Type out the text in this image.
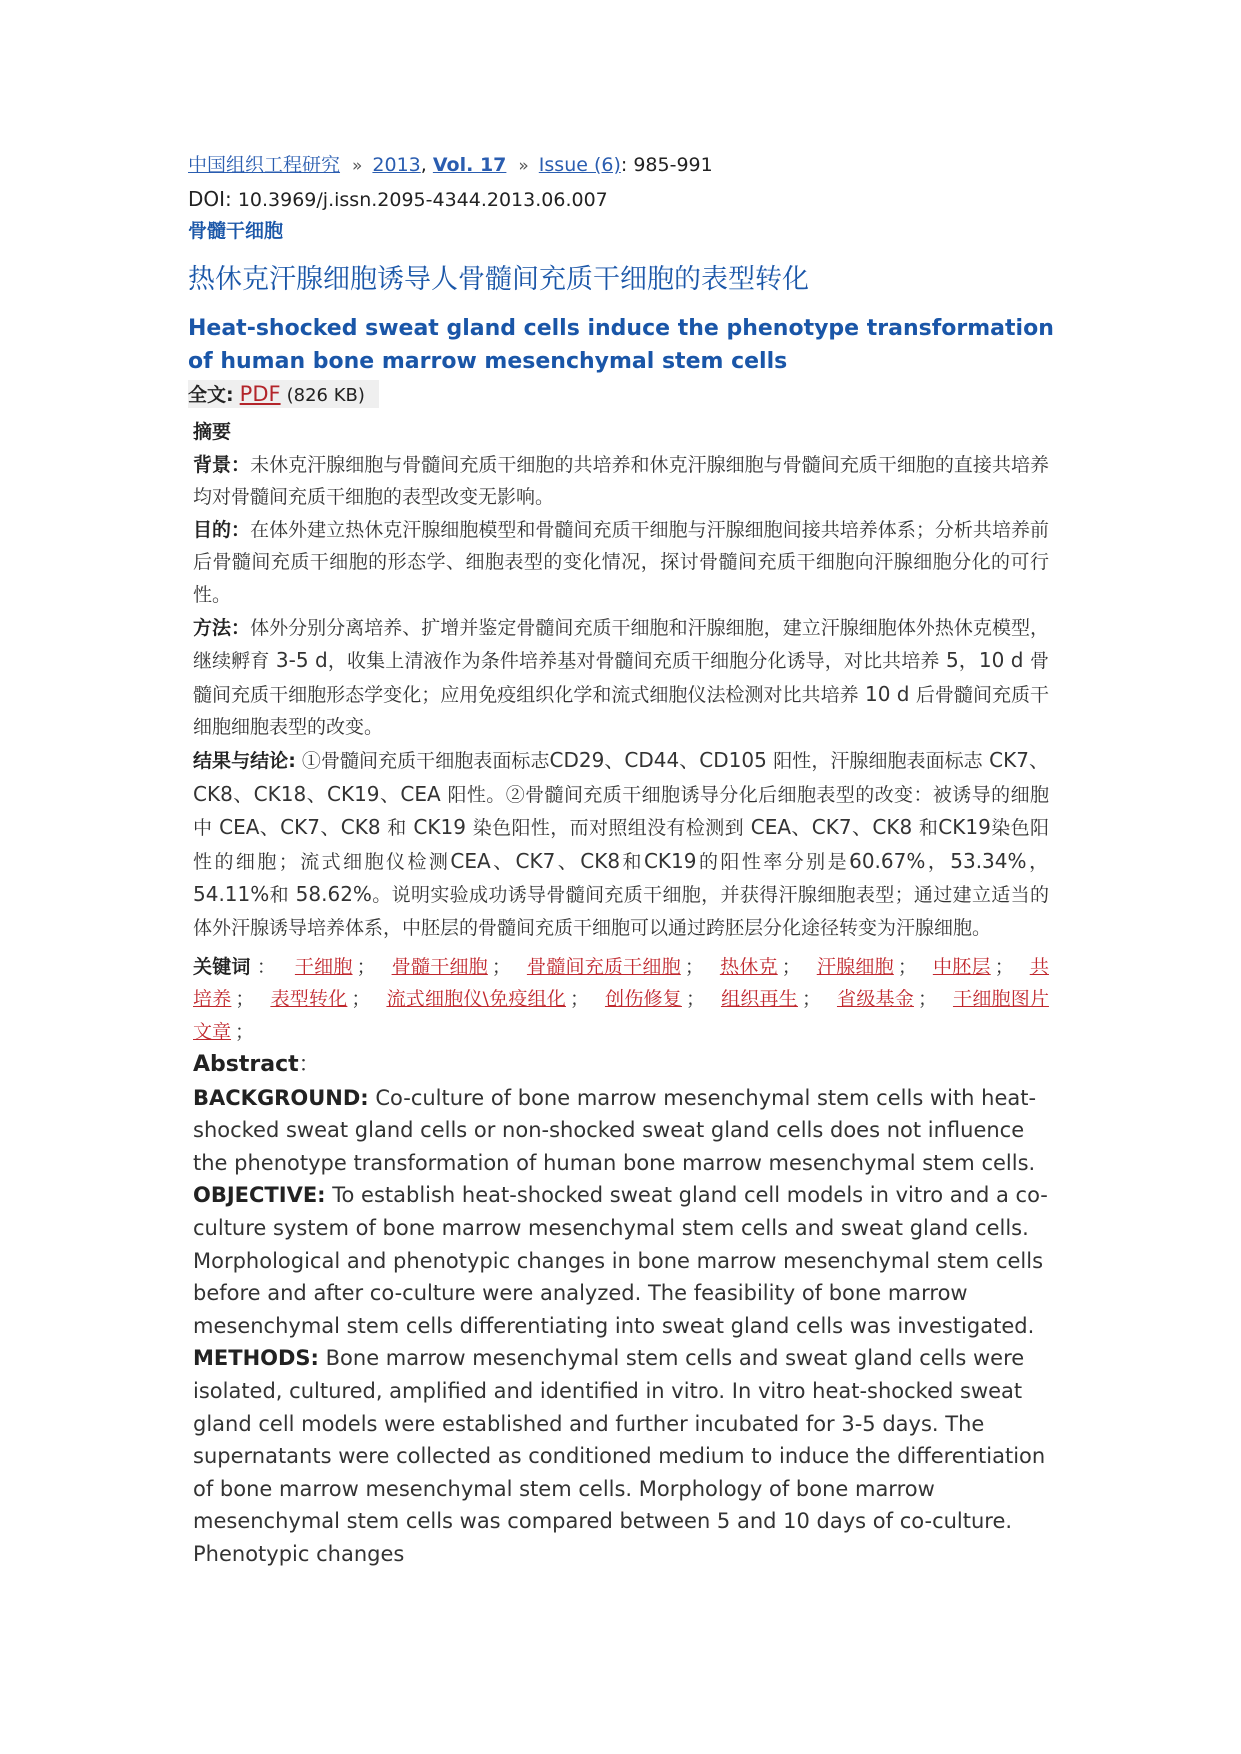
中国组织工程研究 » 2013, Vol. 17 » Issue (6): 985-991
DOI: 10.3969/j.issn.2095-4344.2013.06.007
骨髓干细胞
热休克汗腺细胞诱导人骨髓间充质干细胞的表型转化
Heat-shocked sweat gland cells induce the phenotype transformation of human bone marrow mesenchymal stem cells
全文: PDF (826 KB)

摘要

背景：未休克汗腺细胞与骨髓间充质干细胞的共培养和休克汗腺细胞与骨髓间充质干细胞的直接共培养均对骨髓间充质干细胞的表型改变无影响。

目的：在体外建立热休克汗腺细胞模型和骨髓间充质干细胞与汗腺细胞间接共培养体系；分析共培养前后骨髓间充质干细胞的形态学、细胞表型的变化情况，探讨骨髓间充质干细胞向汗腺细胞分化的可行性。

方法：体外分别分离培养、扩增并鉴定骨髓间充质干细胞和汗腺细胞，建立汗腺细胞体外热休克模型，继续孵育 3-5 d，收集上清液作为条件培养基对骨髓间充质干细胞分化诱导，对比共培养 5，10 d 骨髓间充质干细胞形态学变化；应用免疫组织化学和流式细胞仪法检测对比共培养 10 d 后骨髓间充质干细胞细胞表型的改变。

结果与结论: ①骨髓间充质干细胞表面标志CD29、CD44、CD105 阳性，汗腺细胞表面标志 CK7、CK8、CK18、CK19、CEA 阳性。②骨髓间充质干细胞诱导分化后细胞表型的改变：被诱导的细胞中 CEA、CK7、CK8 和 CK19 染色阳性，而对照组没有检测到 CEA、CK7、CK8 和CK19染色阳性的细胞；流式细胞仪检测CEA、CK7、CK8和CK19的阳性率分别是60.67%，53.34%，54.11%和 58.62%。说明实验成功诱导骨髓间充质干细胞，并获得汗腺细胞表型；通过建立适当的体外汗腺诱导培养体系，中胚层的骨髓间充质干细胞可以通过跨胚层分化途径转变为汗腺细胞。

关键词 ： 干细胞 ； 骨髓干细胞 ； 骨髓间充质干细胞 ； 热休克 ； 汗腺细胞 ； 中胚层 ； 共培养 ； 表型转化 ； 流式细胞仪\免疫组化 ； 创伤修复 ； 组织再生 ； 省级基金 ； 干细胞图片文章 ；

Abstract：

BACKGROUND: Co-culture of bone marrow mesenchymal stem cells with heat-shocked sweat gland cells or non-shocked sweat gland cells does not influence the phenotype transformation of human bone marrow mesenchymal stem cells.

OBJECTIVE: To establish heat-shocked sweat gland cell models in vitro and a co-culture system of bone marrow mesenchymal stem cells and sweat gland cells. Morphological and phenotypic changes in bone marrow mesenchymal stem cells before and after co-culture were analyzed. The feasibility of bone marrow mesenchymal stem cells differentiating into sweat gland cells was investigated.

METHODS: Bone marrow mesenchymal stem cells and sweat gland cells were isolated, cultured, amplified and identified in vitro. In vitro heat-shocked sweat gland cell models were established and further incubated for 3-5 days. The supernatants were collected as conditioned medium to induce the differentiation of bone marrow mesenchymal stem cells. Morphology of bone marrow mesenchymal stem cells was compared between 5 and 10 days of co-culture. Phenotypic changes
